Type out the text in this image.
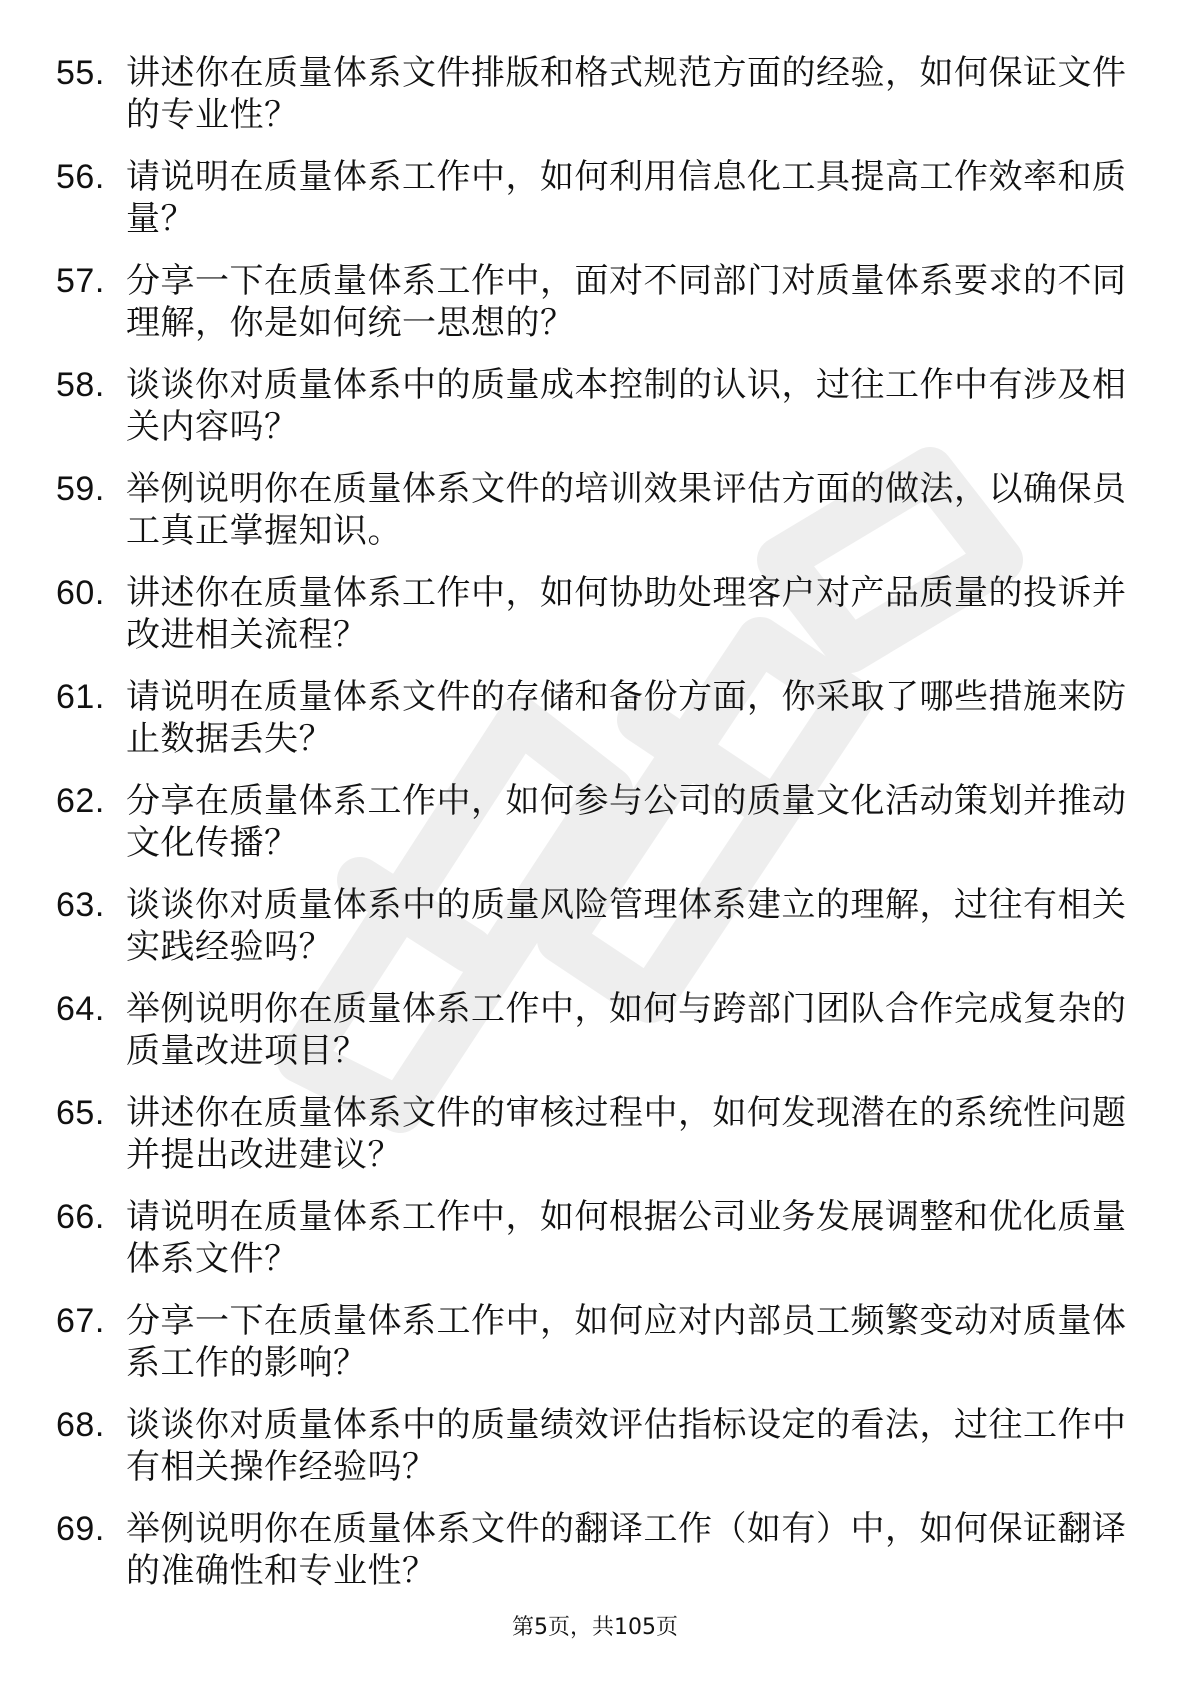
55. 讲述你在质量体系文件排版和格式规范方面的经验，如何保证文件的专业性？
56. 请说明在质量体系工作中，如何利用信息化工具提高工作效率和质量？
57. 分享一下在质量体系工作中，面对不同部门对质量体系要求的不同理解，你是如何统一思想的？
58. 谈谈你对质量体系中的质量成本控制的认识，过往工作中有涉及相关内容吗？
59. 举例说明你在质量体系文件的培训效果评估方面的做法，以确保员工真正掌握知识。
60. 讲述你在质量体系工作中，如何协助处理客户对产品质量的投诉并改进相关流程？
61. 请说明在质量体系文件的存储和备份方面，你采取了哪些措施来防止数据丢失？
62. 分享在质量体系工作中，如何参与公司的质量文化活动策划并推动文化传播？
63. 谈谈你对质量体系中的质量风险管理体系建立的理解，过往有相关实践经验吗？
64. 举例说明你在质量体系工作中，如何与跨部门团队合作完成复杂的质量改进项目？
65. 讲述你在质量体系文件的审核过程中，如何发现潜在的系统性问题并提出改进建议？
66. 请说明在质量体系工作中，如何根据公司业务发展调整和优化质量体系文件？
67. 分享一下在质量体系工作中，如何应对内部员工频繁变动对质量体系工作的影响？
68. 谈谈你对质量体系中的质量绩效评估指标设定的看法，过往工作中有相关操作经验吗？
69. 举例说明你在质量体系文件的翻译工作（如有）中，如何保证翻译的准确性和专业性？
第5页，共105页
